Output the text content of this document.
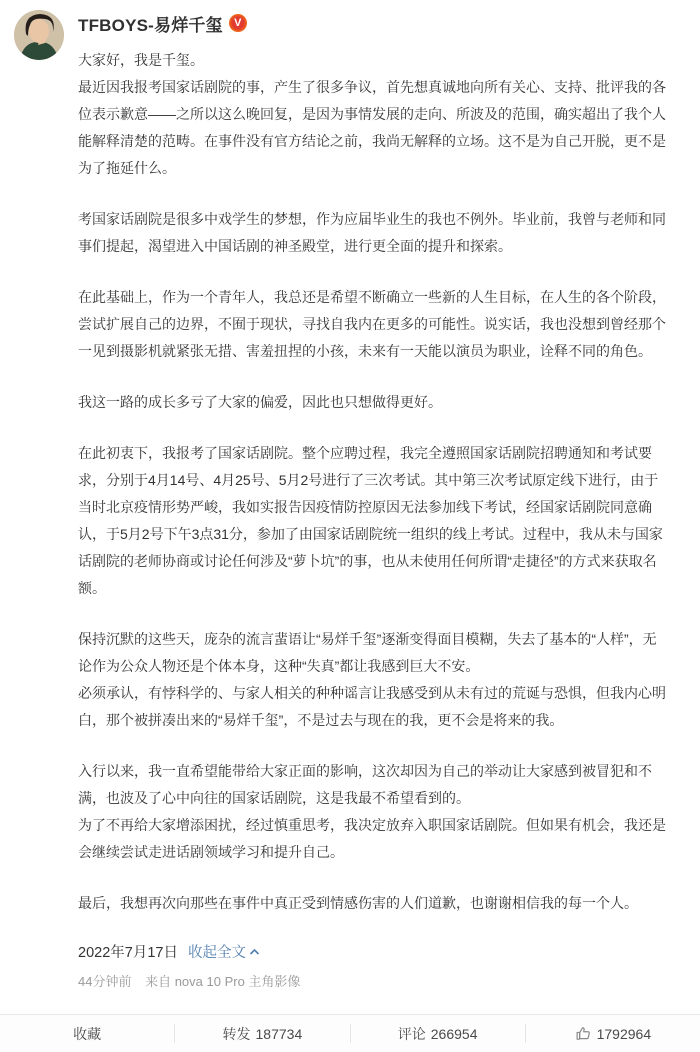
TFBOYS-易烊千玺	V

大家好，我是千玺。

最近因我报考国家话剧院的事，产生了很多争议，首先想真诚地向所有关心、支持、批评我的各位表示歉意——之所以这么晚回复，是因为事情发展的走向、所波及的范围，确实超出了我个人能解释清楚的范畴。在事件没有官方结论之前，我尚无解释的立场。这不是为自己开脱，更不是为了拖延什么。

考国家话剧院是很多中戏学生的梦想，作为应届毕业生的我也不例外。毕业前，我曾与老师和同事们提起，渴望进入中国话剧的神圣殿堂，进行更全面的提升和探索。

在此基础上，作为一个青年人，我总还是希望不断确立一些新的人生目标，在人生的各个阶段，尝试扩展自己的边界，不囿于现状，寻找自我内在更多的可能性。说实话，我也没想到曾经那个一见到摄影机就紧张无措、害羞扭捏的小孩，未来有一天能以演员为职业，诠释不同的角色。

我这一路的成长多亏了大家的偏爱，因此也只想做得更好。

在此初衷下，我报考了国家话剧院。整个应聘过程，我完全遵照国家话剧院招聘通知和考试要求，分别于4月14号、4月25号、5月2号进行了三次考试。其中第三次考试原定线下进行，由于当时北京疫情形势严峻，我如实报告因疫情防控原因无法参加线下考试，经国家话剧院同意确认，于5月2号下午3点31分，参加了由国家话剧院统一组织的线上考试。过程中，我从未与国家话剧院的老师协商或讨论任何涉及“萝卜坑”的事，也从未使用任何所谓“走捷径”的方式来获取名额。

保持沉默的这些天，庞杂的流言蜚语让“易烊千玺”逐渐变得面目模糊，失去了基本的“人样”，无论作为公众人物还是个体本身，这种“失真”都让我感到巨大不安。

必须承认，有悖科学的、与家人相关的种种谣言让我感受到从未有过的荒诞与恐惧，但我内心明白，那个被拼凑出来的“易烊千玺”，不是过去与现在的我，更不会是将来的我。

入行以来，我一直希望能带给大家正面的影响，这次却因为自己的举动让大家感到被冒犯和不满，也波及了心中向往的国家话剧院，这是我最不希望看到的。

为了不再给大家增添困扰，经过慎重思考，我决定放弃入职国家话剧院。但如果有机会，我还是会继续尝试走进话剧领域学习和提升自己。

最后，我想再次向那些在事件中真正受到情感伤害的人们道歉，也谢谢相信我的每一个人。

2022年7月17日 收起全文
44分钟前 来自 nova 10 Pro 主角影像
收藏	转发 187734	评论 266954	1792964
